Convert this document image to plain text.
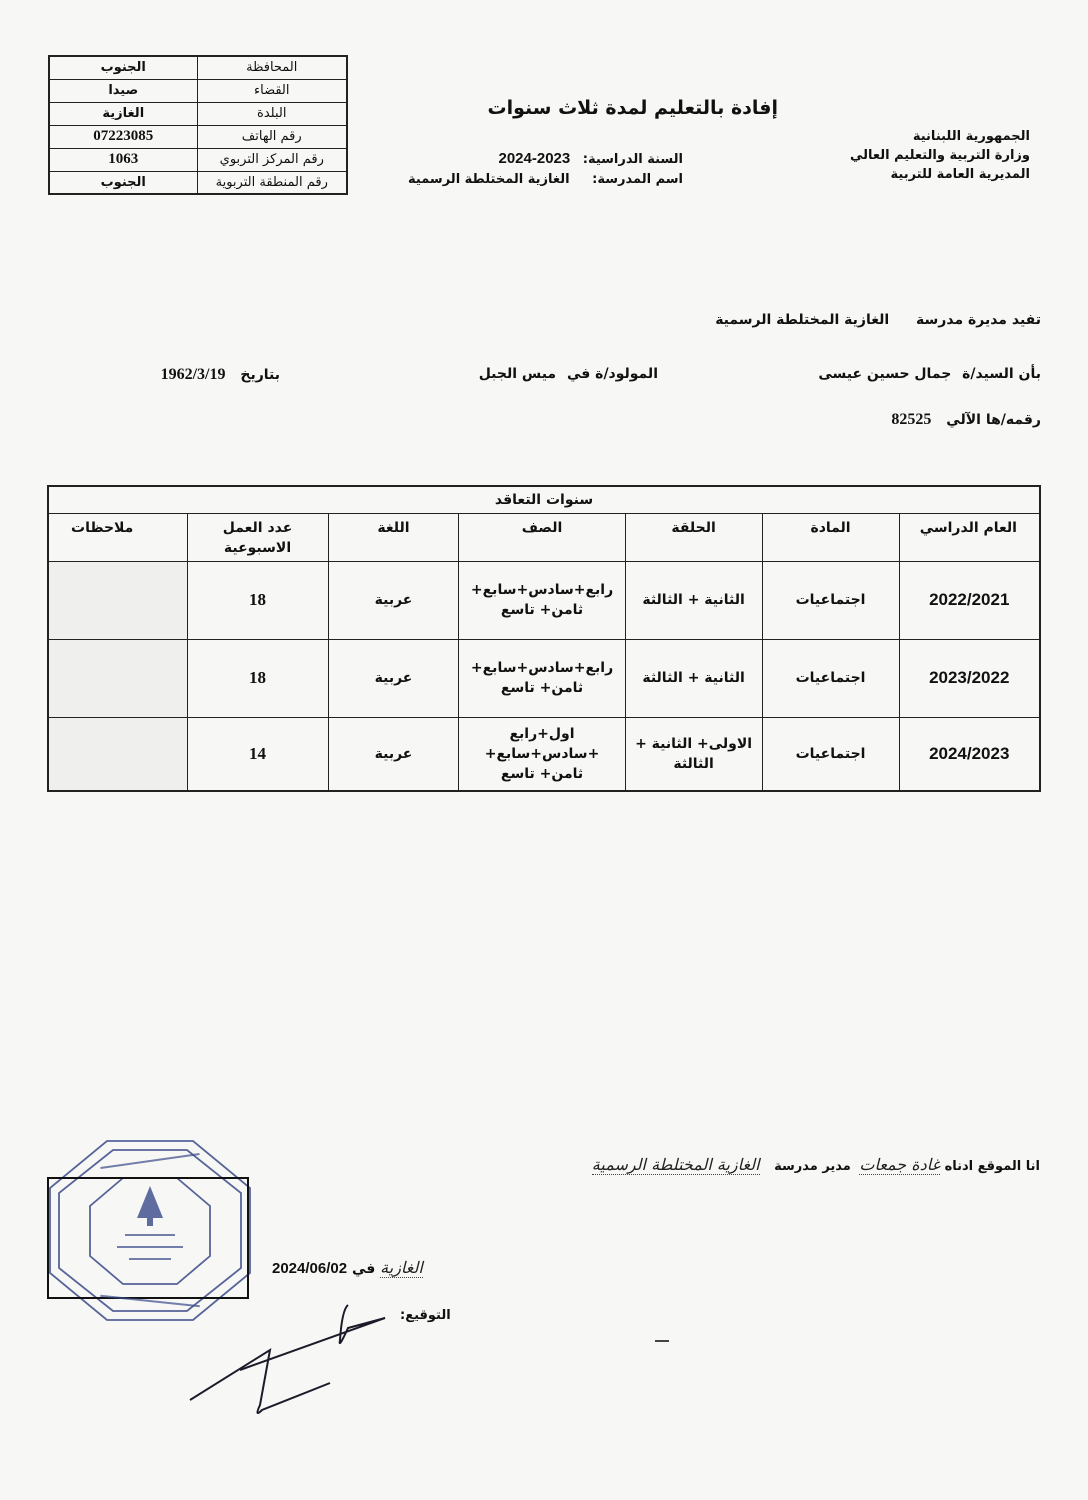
الجنوب	المحافظة
صيدا	القضاء
الغازية	البلدة
07223085	رقم الهاتف
1063	رقم المركز التربوي
الجنوب	رقم المنطقة التربوية
إفادة بالتعليم لمدة ثلاث سنوات
الجمهورية اللبنانية
وزارة التربية والتعليم العالي
المديرية العامة للتربية
السنة الدراسية: 2024-2023
اسم المدرسة: الغازية المختلطة الرسمية
تفيد مديرة مدرسة الغازية المختلطة الرسمية
بأن السيد/ة جمال حسين عيسى
المولود/ة في ميس الجبل
بتاريخ 1962/3/19
رقمه/ها الآلي 82525
سنوات التعاقد						
العام الدراسي	المادة	الحلقة	الصف	اللغة	عدد العمل الاسبوعية	ملاحظات
2022/2021	اجتماعيات	الثانية + الثالثة	رابع+سادس+سابع+ ثامن+ تاسع	عربية	18	
2023/2022	اجتماعيات	الثانية + الثالثة	رابع+سادس+سابع+ ثامن+ تاسع	عربية	18	
2024/2023	اجتماعيات	الاولى+ الثانية + الثالثة	اول+رابع +سادس+سابع+ ثامن+ تاسع	عربية	14	
انا الموقع ادناه غادة جمعات مدير مدرسة الغازية المختلطة الرسمية
الغازية في 2024/06/02
التوقيع:
